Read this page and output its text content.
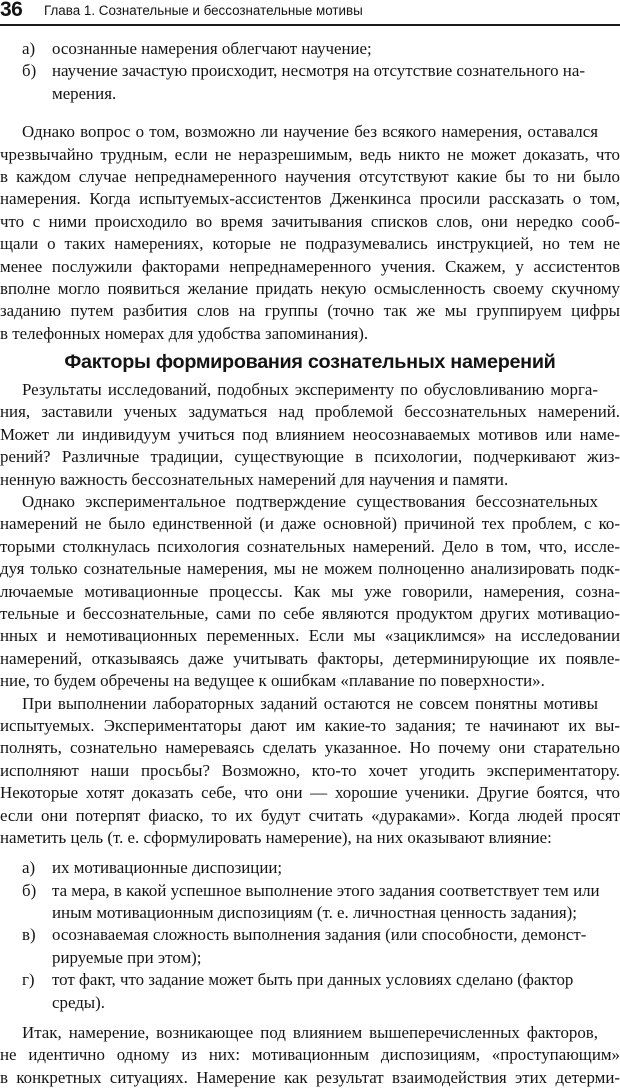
36 Глава 1. Сознательные и бессознательные мотивы
а) осознанные намерения облегчают научение;
б) научение зачастую происходит, несмотря на отсутствие сознательного на-
мерения.
Однако вопрос о том, возможно ли научение без всякого намерения, оставался
чрезвычайно трудным, если не неразрешимым, ведь никто не может доказать, что
в каждом случае непреднамеренного научения отсутствуют какие бы то ни было
намерения. Когда испытуемых-ассистентов Дженкинса просили рассказать о том,
что с ними происходило во время зачитывания списков слов, они нередко сооб-
щали о таких намерениях, которые не подразумевались инструкцией, но тем не
менее послужили факторами непреднамеренного учения. Скажем, у ассистентов
вполне могло появиться желание придать некую осмысленность своему скучному
заданию путем разбития слов на группы (точно так же мы группируем цифры
в телефонных номерах для удобства запоминания).
Факторы формирования сознательных намерений
Результаты исследований, подобных эксперименту по обусловливанию морга-
ния, заставили ученых задуматься над проблемой бессознательных намерений.
Может ли индивидуум учиться под влиянием неосознаваемых мотивов или наме-
рений? Различные традиции, существующие в психологии, подчеркивают жиз-
ненную важность бессознательных намерений для научения и памяти.
Однако экспериментальное подтверждение существования бессознательных
намерений не было единственной (и даже основной) причиной тех проблем, с ко-
торыми столкнулась психология сознательных намерений. Дело в том, что, иссле-
дуя только сознательные намерения, мы не можем полноценно анализировать подк-
лючаемые мотивационные процессы. Как мы уже говорили, намерения, созна-
тельные и бессознательные, сами по себе являются продуктом других мотивацио-
нных и немотивационных переменных. Если мы «зациклимся» на исследовании
намерений, отказываясь даже учитывать факторы, детерминирующие их появле-
ние, то будем обречены на ведущее к ошибкам «плавание по поверхности».
При выполнении лабораторных заданий остаются не совсем понятны мотивы
испытуемых. Экспериментаторы дают им какие-то задания; те начинают их вы-
полнять, сознательно намереваясь сделать указанное. Но почему они старательно
исполняют наши просьбы? Возможно, кто-то хочет угодить экспериментатору.
Некоторые хотят доказать себе, что они — хорошие ученики. Другие боятся, что
если они потерпят фиаско, то их будут считать «дураками». Когда людей просят
наметить цель (т. е. сформулировать намерение), на них оказывают влияние:
а) их мотивационные диспозиции;
б) та мера, в какой успешное выполнение этого задания соответствует тем или
иным мотивационным диспозициям (т. е. личностная ценность задания);
в) осознаваемая сложность выполнения задания (или способности, демонст-
рируемые при этом);
г)	тот факт, что задание может быть при данных условиях сделано (фактор
среды).
Итак, намерение, возникающее под влиянием вышеперечисленных факторов,
не идентично одному из них: мотивационным диспозициям, «проступающим»
в конкретных ситуациях. Намерение как результат взаимодействия этих детерми-
